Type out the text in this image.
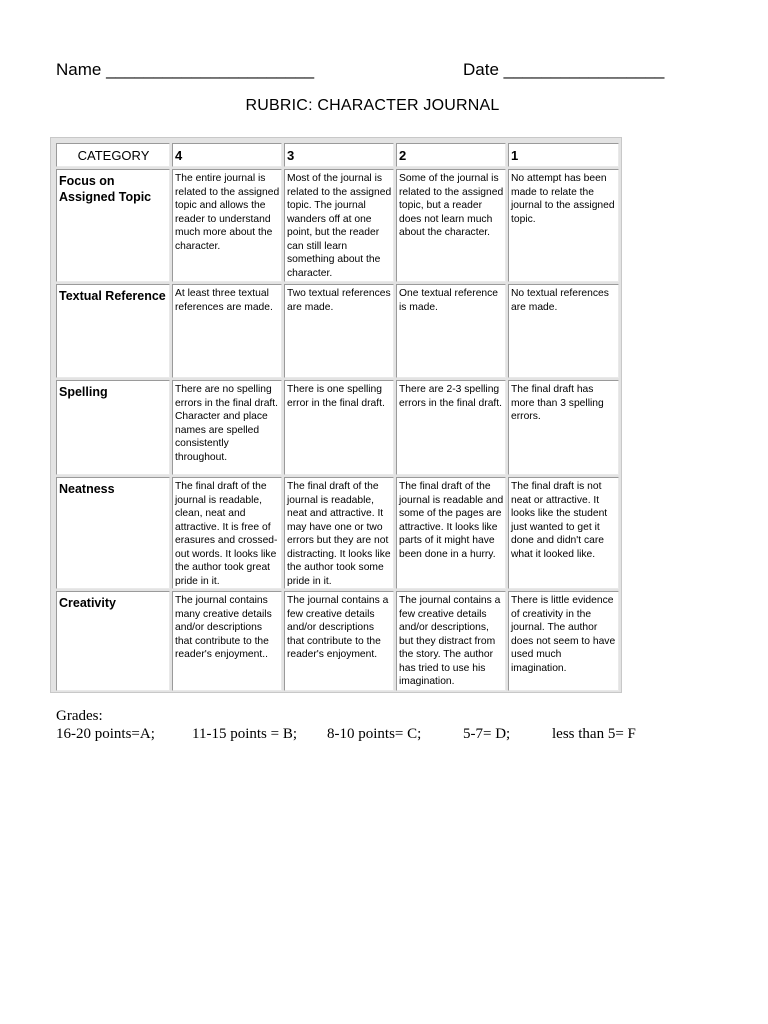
Name ______________________	Date _________________
RUBRIC: CHARACTER JOURNAL
CATEGORY	4	3	2	1
Focus on Assigned Topic	The entire journal is related to the assigned topic and allows the reader to understand much more about the character.	Most of the journal is related to the assigned topic. The journal wanders off at one point, but the reader can still learn something about the character.	Some of the journal is related to the assigned topic, but a reader does not learn much about the character.	No attempt has been made to relate the journal to the assigned topic.
Textual Reference	At least three textual references are made.	Two textual references are made.	One textual reference is made.	No textual references are made.
Spelling	There are no spelling errors in the final draft. Character and place names are spelled consistently throughout.	There is one spelling error in the final draft.	There are 2-3 spelling errors in the final draft.	The final draft has more than 3 spelling errors.
Neatness	The final draft of the journal is readable, clean, neat and attractive. It is free of erasures and crossed-out words. It looks like the author took great pride in it.	The final draft of the journal is readable, neat and attractive. It may have one or two errors but they are not distracting. It looks like the author took some pride in it.	The final draft of the journal is readable and some of the pages are attractive. It looks like parts of it might have been done in a hurry.	The final draft is not neat or attractive. It looks like the student just wanted to get it done and didn't care what it looked like.
Creativity	The journal contains many creative details and/or descriptions that contribute to the reader's enjoyment..	The journal contains a few creative details and/or descriptions that contribute to the reader's enjoyment.	The journal contains a few creative details and/or descriptions, but they distract from the story. The author has tried to use his imagination.	There is little evidence of creativity in the journal. The author does not seem to have used much imagination.
Grades:
16-20 points=A; 11-15 points = B; 8-10 points= C;	5-7= D;	less than 5= F
